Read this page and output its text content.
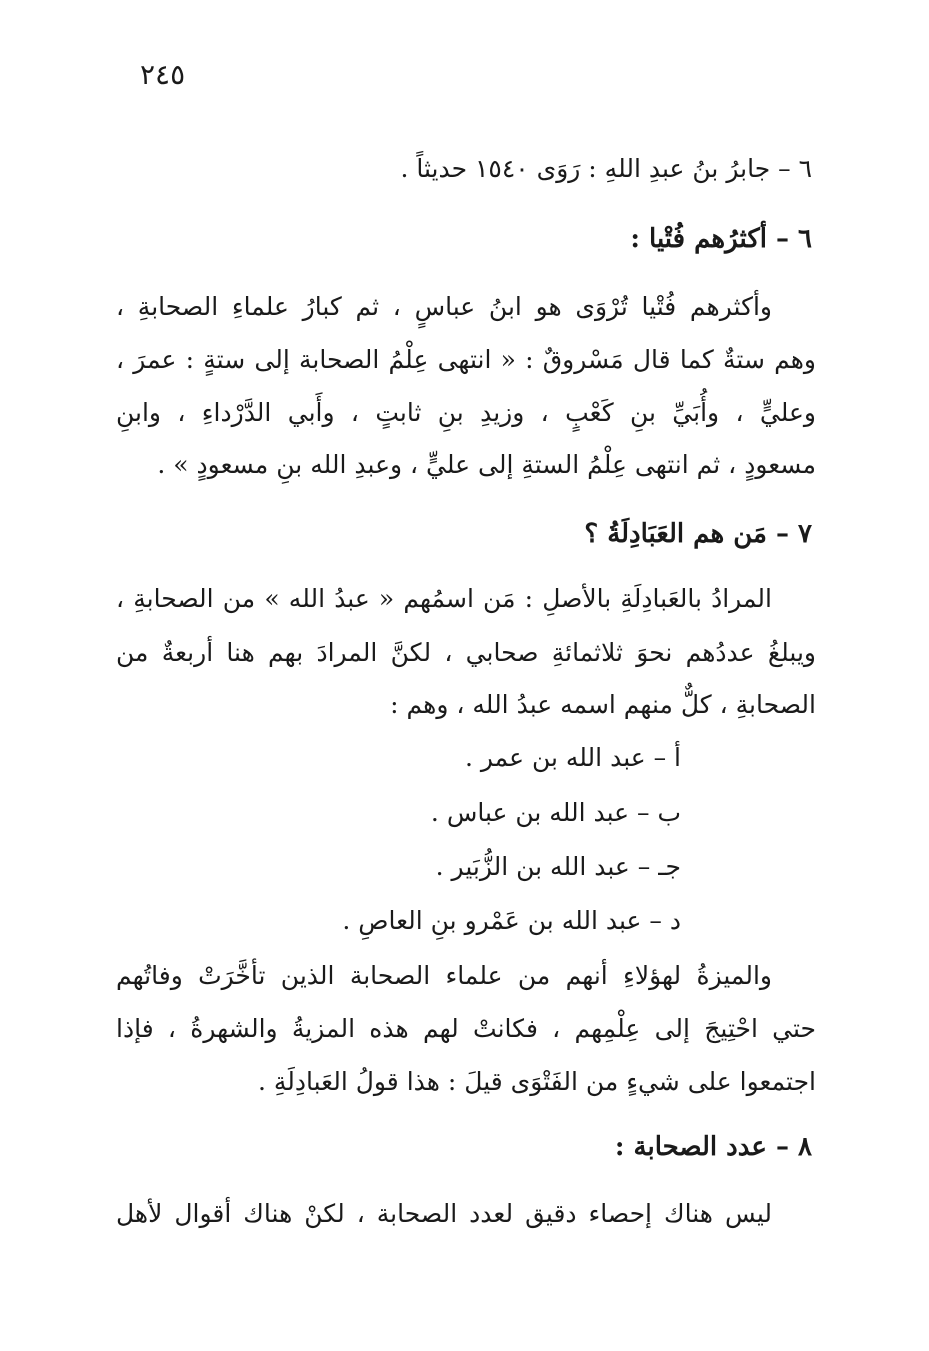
٢٤٥
٦ – جابرُ بنُ عبدِ اللهِ : رَوَى ١٥٤٠ حديثاً .
٦ – أكثرُهم فُتْيا :
وأكثرهم فُتْيا تُرْوَى هو ابنُ عباسٍ ، ثم كبارُ علماءِ الصحابةِ ،
وهم ستةٌ كما قال مَسْروقٌ : « انتهى عِلْمُ الصحابة إلى ستةٍ : عمرَ ،
وعليٍّ ، وأُبَيِّ بنِ كَعْبٍ ، وزيدِ بنِ ثابتٍ ، وأَبي الدَّرْداءِ ، وابنِ
مسعودٍ ، ثم انتهى عِلْمُ الستةِ إلى عليٍّ ، وعبدِ الله بنِ مسعودٍ » .
٧ – مَن هم العَبَادِلَةُ ؟
المرادُ بالعَبادِلَةِ بالأصلِ : مَن اسمُهم « عبدُ الله » من الصحابةِ ،
ويبلغُ عددُهم نحوَ ثلاثمائةِ صحابي ، لكنَّ المرادَ بهم هنا أربعةٌ من
الصحابةِ ، كلٌّ منهم اسمه عبدُ الله ، وهم :
أ – عبد الله بن عمر .
ب – عبد الله بن عباس .
جـ – عبد الله بن الزُّبَير .
د – عبد الله بن عَمْرو بنِ العاصِ .
والميزةُ لهؤلاءِ أنهم من علماء الصحابة الذين تأخَّرَتْ وفاتُهم
حتي احْتِيجَ إلى عِلْمِهم ، فكانتْ لهم هذه المزيةُ والشهرةُ ، فإذا
اجتمعوا على شيءٍ من الفَتْوَى قيلَ : هذا قولُ العَبادِلَةِ .
٨ – عدد الصحابة :
ليس هناك إحصاء دقيق لعدد الصحابة ، لكنْ هناك أقوال لأهل
